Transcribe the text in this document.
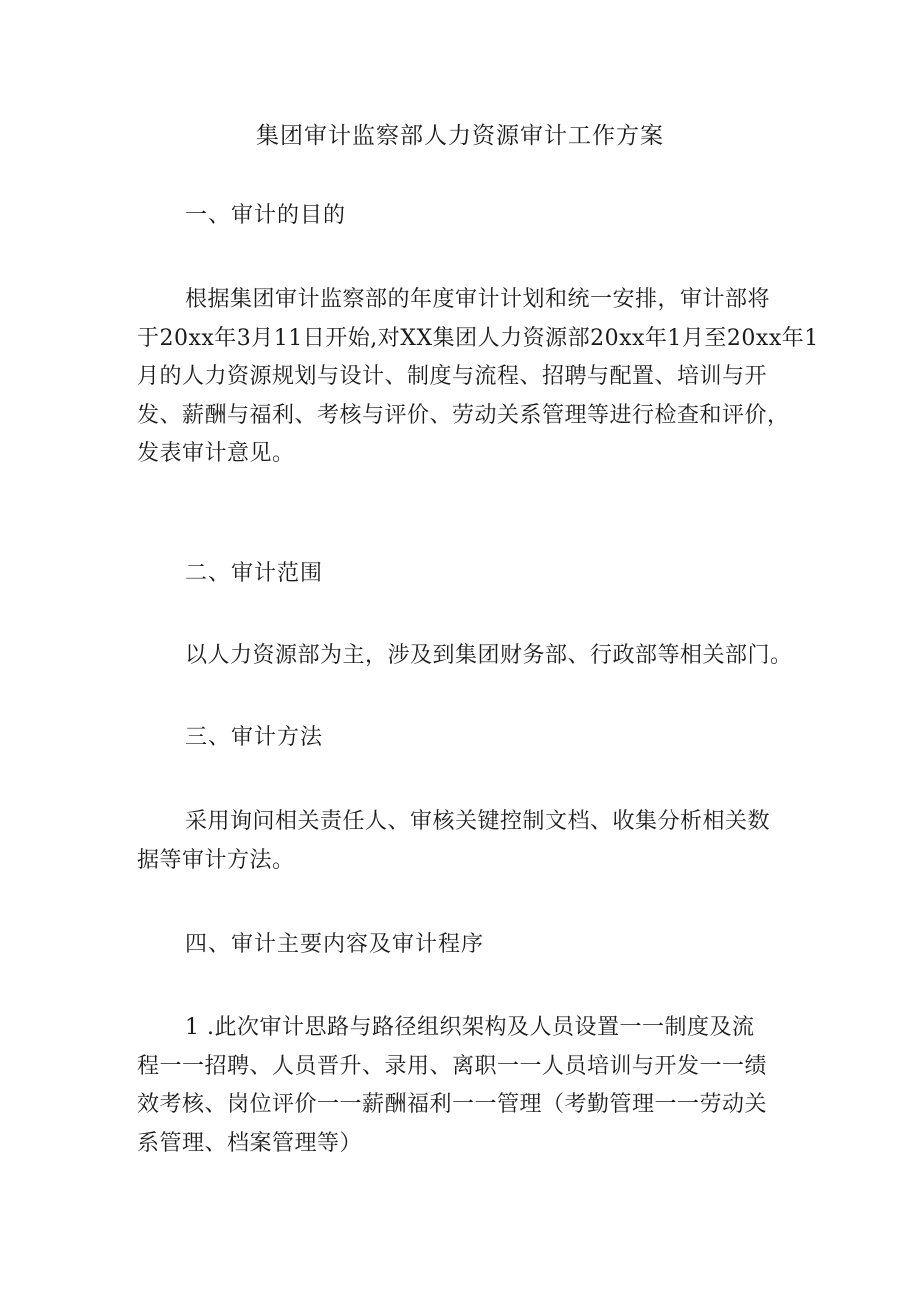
集团审计监察部人力资源审计工作方案
一、审计的目的
根据集团审计监察部的年度审计计划和统一安排，审计部将
于20xx年3月11日开始,对XX集团人力资源部20xx年1月至20xx年1
月的人力资源规划与设计、制度与流程、招聘与配置、培训与开
发、薪酬与福利、考核与评价、劳动关系管理等进行检查和评价，
发表审计意见。
二、审计范围
以人力资源部为主，涉及到集团财务部、行政部等相关部门。
三、审计方法
采用询问相关责任人、审核关键控制文档、收集分析相关数
据等审计方法。
四、审计主要内容及审计程序
1 .此次审计思路与路径组织架构及人员设置一一制度及流
程一一招聘、人员晋升、录用、离职一一人员培训与开发一一绩
效考核、岗位评价一一薪酬福利一一管理（考勤管理一一劳动关
系管理、档案管理等）
